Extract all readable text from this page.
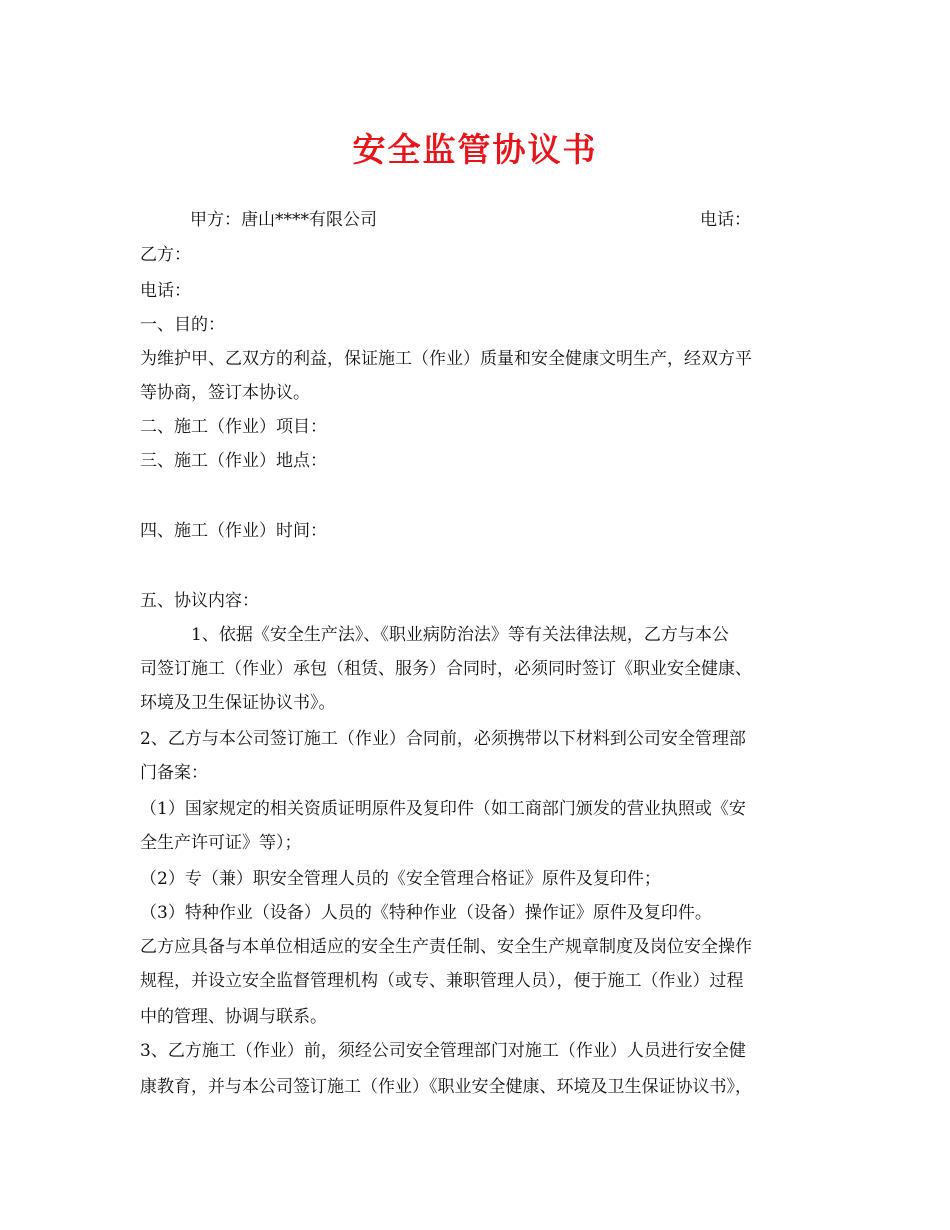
安全监管协议书
甲方：唐山****有限公司	电话：
乙方：
电话：
一、目的：
为维护甲、乙双方的利益，保证施工（作业）质量和安全健康文明生产，经双方平
等协商，签订本协议。
二、施工（作业）项目：
三、施工（作业）地点：
四、施工（作业）时间：
五、协议内容：
　　　1、依据《安全生产法》、《职业病防治法》等有关法律法规，乙方与本公
司签订施工（作业）承包（租赁、服务）合同时，必须同时签订《职业安全健康、
环境及卫生保证协议书》。
2、乙方与本公司签订施工（作业）合同前，必须携带以下材料到公司安全管理部
门备案：
（1）国家规定的相关资质证明原件及复印件（如工商部门颁发的营业执照或《安
全生产许可证》等）；
（2）专（兼）职安全管理人员的《安全管理合格证》原件及复印件；
（3）特种作业（设备）人员的《特种作业（设备）操作证》原件及复印件。
乙方应具备与本单位相适应的安全生产责任制、安全生产规章制度及岗位安全操作
规程，并设立安全监督管理机构（或专、兼职管理人员），便于施工（作业）过程
中的管理、协调与联系。
3、乙方施工（作业）前，须经公司安全管理部门对施工（作业）人员进行安全健
康教育，并与本公司签订施工（作业）《职业安全健康、环境及卫生保证协议书》，
